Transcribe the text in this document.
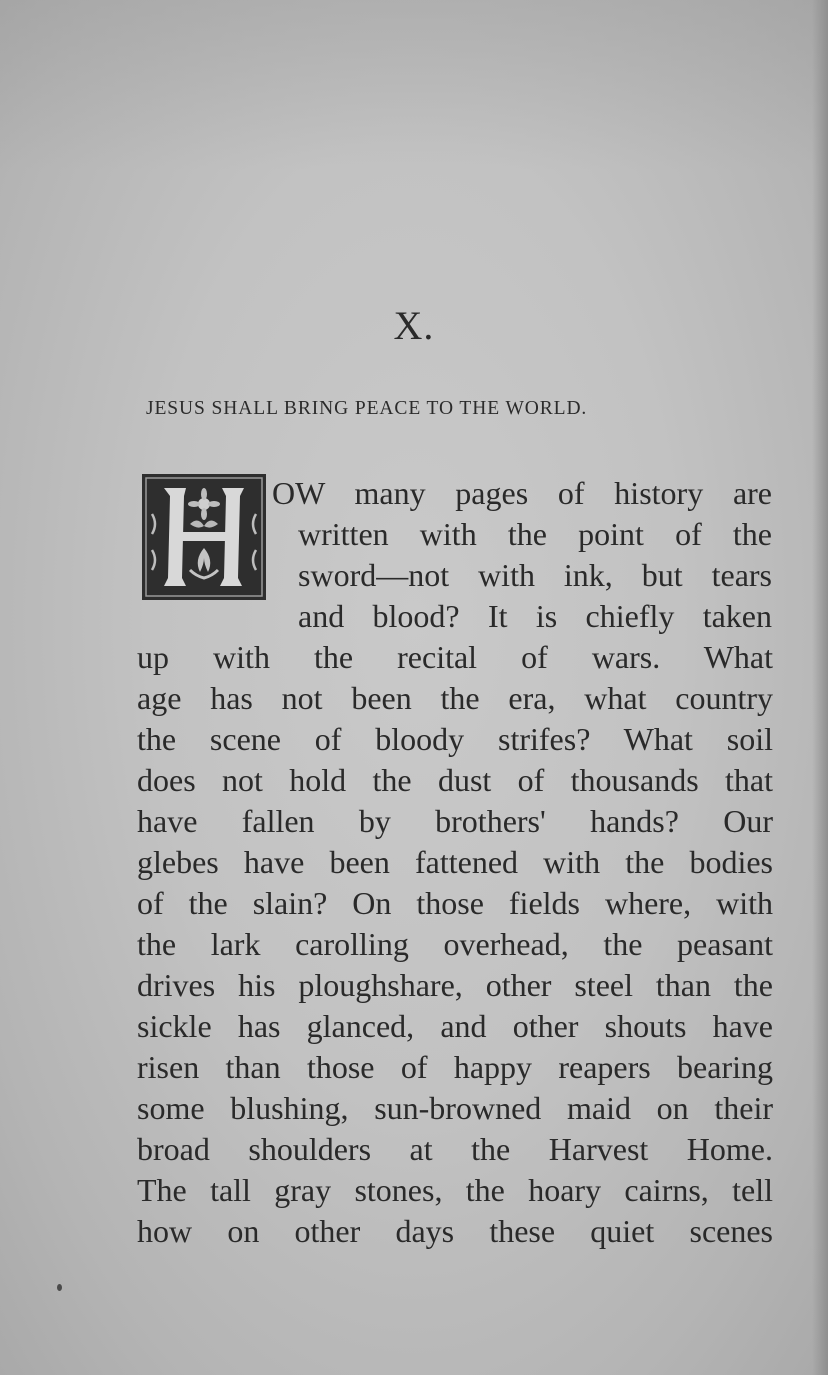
X.
JESUS SHALL BRING PEACE TO THE WORLD.
OW many pages of history are
written with the point of the
sword—not with ink, but tears
and blood? It is chiefly taken
up with the recital of wars. What
age has not been the era, what country
the scene of bloody strifes? What soil
does not hold the dust of thousands that
have fallen by brothers' hands? Our
glebes have been fattened with the bodies
of the slain? On those fields where, with
the lark carolling overhead, the peasant
drives his ploughshare, other steel than the
sickle has glanced, and other shouts have
risen than those of happy reapers bearing
some blushing, sun-browned maid on their
broad shoulders at the Harvest Home.
The tall gray stones, the hoary cairns, tell
how on other days these quiet scenes
